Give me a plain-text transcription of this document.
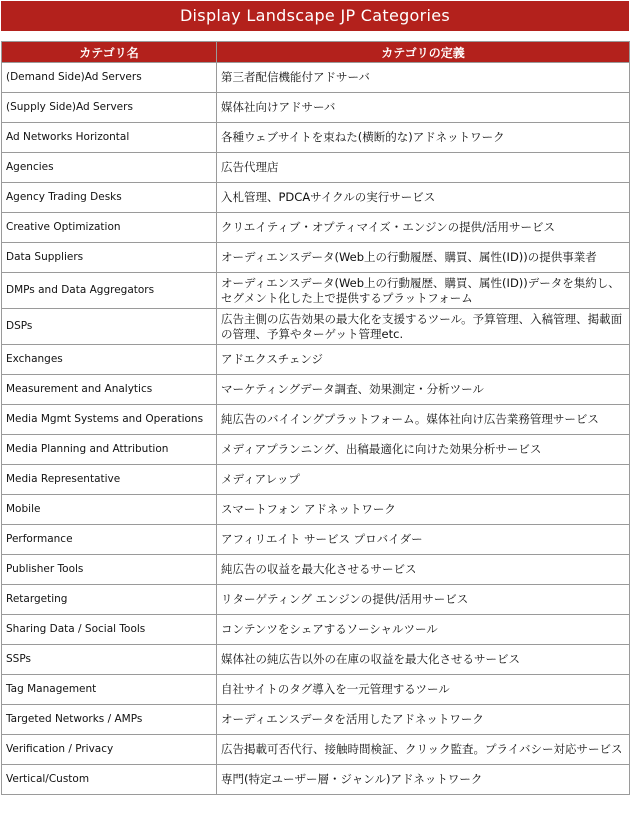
Display Landscape JP Categories
カテゴリ名	カテゴリの定義
(Demand Side)Ad Servers	第三者配信機能付アドサーバ
(Supply Side)Ad Servers	媒体社向けアドサーバ
Ad Networks Horizontal	各種ウェブサイトを束ねた(横断的な)アドネットワーク
Agencies	広告代理店
Agency Trading Desks	入札管理、PDCAサイクルの実行サービス
Creative Optimization	クリエイティブ・オプティマイズ・エンジンの提供/活用サービス
Data Suppliers	オーディエンスデータ(Web上の行動履歴、購買、属性(ID))の提供事業者
DMPs and Data Aggregators	オーディエンスデータ(Web上の行動履歴、購買、属性(ID))データを集約し、セグメント化した上で提供するプラットフォーム
DSPs	広告主側の広告効果の最大化を支援するツール。予算管理、入稿管理、掲載面の管理、予算やターゲット管理etc.
Exchanges	アドエクスチェンジ
Measurement and Analytics	マーケティングデータ調査、効果測定・分析ツール
Media Mgmt Systems and Operations	純広告のバイイングプラットフォーム。媒体社向け広告業務管理サービス
Media Planning and Attribution	メディアプランニング、出稿最適化に向けた効果分析サービス
Media Representative	メディアレップ
Mobile	スマートフォン アドネットワーク
Performance	アフィリエイト サービス プロバイダー
Publisher Tools	純広告の収益を最大化させるサービス
Retargeting	リターゲティング エンジンの提供/活用サービス
Sharing Data / Social Tools	コンテンツをシェアするソーシャルツール
SSPs	媒体社の純広告以外の在庫の収益を最大化させるサービス
Tag Management	自社サイトのタグ導入を一元管理するツール
Targeted Networks / AMPs	オーディエンスデータを活用したアドネットワーク
Verification / Privacy	広告掲載可否代行、接触時間検証、クリック監査。プライバシー対応サービス
Vertical/Custom	専門(特定ユーザー層・ジャンル)アドネットワーク
